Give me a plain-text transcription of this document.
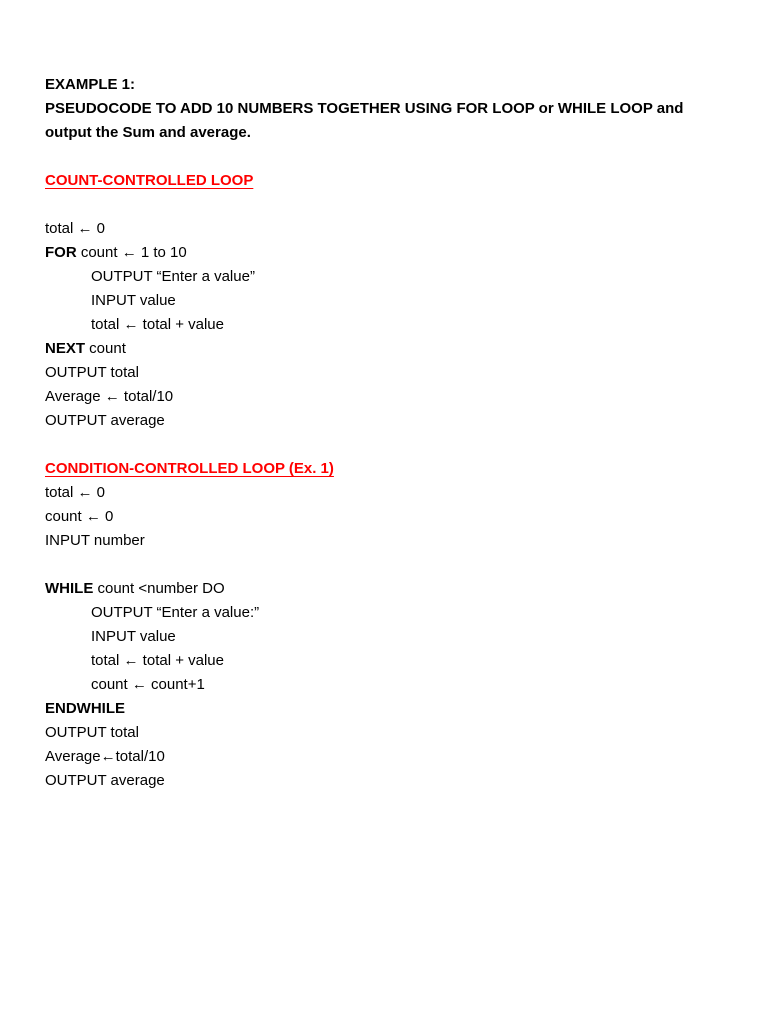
EXAMPLE 1:
PSEUDOCODE TO ADD 10 NUMBERS TOGETHER USING FOR LOOP or WHILE LOOP and
output the Sum and average.
COUNT-CONTROLLED LOOP
total ← 0
FOR count ← 1 to 10
OUTPUT “Enter a value”
INPUT value
total ← total + value
NEXT count
OUTPUT total
Average ← total/10
OUTPUT average
CONDITION-CONTROLLED LOOP (Ex. 1)
total ← 0
count ← 0
INPUT number
WHILE count <number DO
OUTPUT “Enter a value:”
INPUT value
total ← total + value
count ← count+1
ENDWHILE
OUTPUT total
Average←total/10
OUTPUT average
